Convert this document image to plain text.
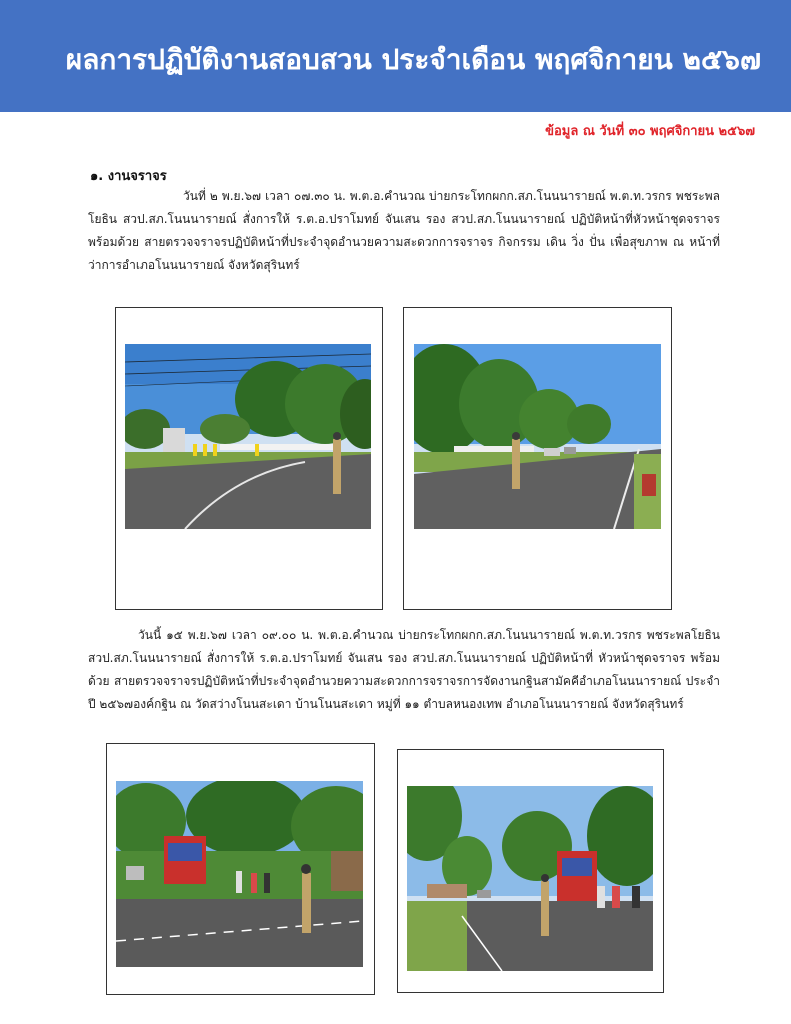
ผลการปฏิบัติงานสอบสวน ประจำเดือน พฤศจิกายน ๒๕๖๗
ข้อมูล ณ วันที่ ๓๐ พฤศจิกายน ๒๕๖๗
๑. งานจราจร

วันที่ ๒ พ.ย.๖๗ เวลา ๐๗.๓๐ น. พ.ต.อ.คำนวณ บ่ายกระโทกผกก.สภ.โนนนารายณ์ พ.ต.ท.วรกร พชระพลโยธิน สวป.สภ.โนนนารายณ์ สั่งการให้ ร.ต.อ.ปราโมทย์ จันเสน รอง สวป.สภ.โนนนารายณ์ ปฏิบัติหน้าที่หัวหน้าชุดจราจร พร้อมด้วย สายตรวจจราจรปฏิบัติหน้าที่ประจำจุดอำนวยความสะดวกการจราจร กิจกรรม เดิน วิ่ง ปั่น เพื่อสุขภาพ ณ หน้าที่ว่าการอำเภอโนนนารายณ์ จังหวัดสุรินทร์

วันนี้ ๑๕ พ.ย.๖๗ เวลา ๐๙.๐๐ น. พ.ต.อ.คำนวณ บ่ายกระโทกผกก.สภ.โนนนารายณ์ พ.ต.ท.วรกร พชระพลโยธิน สวป.สภ.โนนนารายณ์ สั่งการให้ ร.ต.อ.ปราโมทย์ จันเสน รอง สวป.สภ.โนนนารายณ์ ปฏิบัติหน้าที่ หัวหน้าชุดจราจร พร้อมด้วย สายตรวจจราจรปฏิบัติหน้าที่ประจำจุดอำนวยความสะดวกการจราจรการจัดงานกฐินสามัคคีอำเภอโนนนารายณ์ ประจำปี ๒๕๖๗องค์กฐิน ณ วัดสว่างโนนสะเดา บ้านโนนสะเดา หมู่ที่ ๑๑ ตำบลหนองเทพ อำเภอโนนนารายณ์ จังหวัดสุรินทร์
